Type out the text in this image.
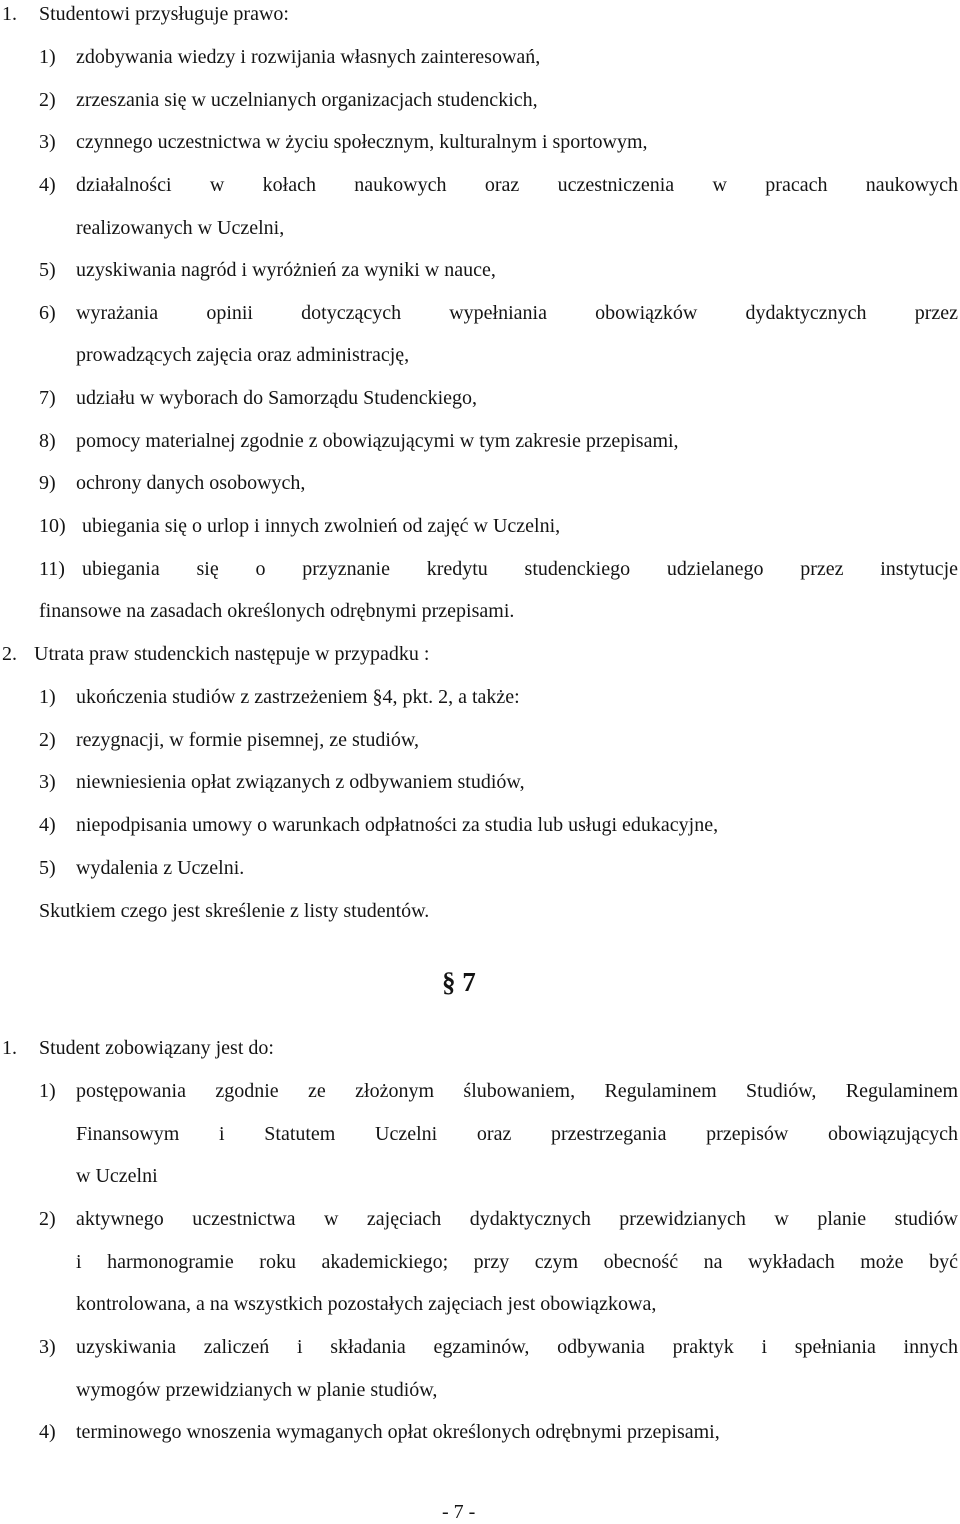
1. Studentowi przysługuje prawo:
1) zdobywania wiedzy i rozwijania własnych zainteresowań,
2) zrzeszania się w uczelnianych organizacjach studenckich,
3) czynnego uczestnictwa w życiu społecznym, kulturalnym i sportowym,
4) działalności w kołach naukowych oraz uczestniczenia w pracach naukowych
realizowanych w Uczelni,
5) uzyskiwania nagród i wyróżnień za wyniki w nauce,
6) wyrażania opinii dotyczących wypełniania obowiązków dydaktycznych przez
prowadzących zajęcia oraz administrację,
7) udziału w wyborach do Samorządu Studenckiego,
8) pomocy materialnej zgodnie z obowiązującymi w tym zakresie przepisami,
9) ochrony danych osobowych,
10) ubiegania się o urlop i innych zwolnień od zajęć w Uczelni,
11) ubiegania się o przyznanie kredytu studenckiego udzielanego przez instytucje
finansowe na zasadach określonych odrębnymi przepisami.
2. Utrata praw studenckich następuje w przypadku :
1) ukończenia studiów z zastrzeżeniem §4, pkt. 2, a także:
2) rezygnacji, w formie pisemnej, ze studiów,
3) niewniesienia opłat związanych z odbywaniem studiów,
4) niepodpisania umowy o warunkach odpłatności za studia lub usługi edukacyjne,
5) wydalenia z Uczelni.
Skutkiem czego jest skreślenie z listy studentów.
§ 7
1. Student zobowiązany jest do:
1) postępowania zgodnie ze złożonym ślubowaniem, Regulaminem Studiów, Regulaminem
Finansowym i Statutem Uczelni oraz przestrzegania przepisów obowiązujących
w Uczelni
2) aktywnego uczestnictwa w zajęciach dydaktycznych przewidzianych w planie studiów
i harmonogramie roku akademickiego; przy czym obecność na wykładach może być
kontrolowana, a na wszystkich pozostałych zajęciach jest obowiązkowa,
3) uzyskiwania zaliczeń i składania egzaminów, odbywania praktyk i spełniania innych
wymogów przewidzianych w planie studiów,
4) terminowego wnoszenia wymaganych opłat określonych odrębnymi przepisami,
- 7 -
